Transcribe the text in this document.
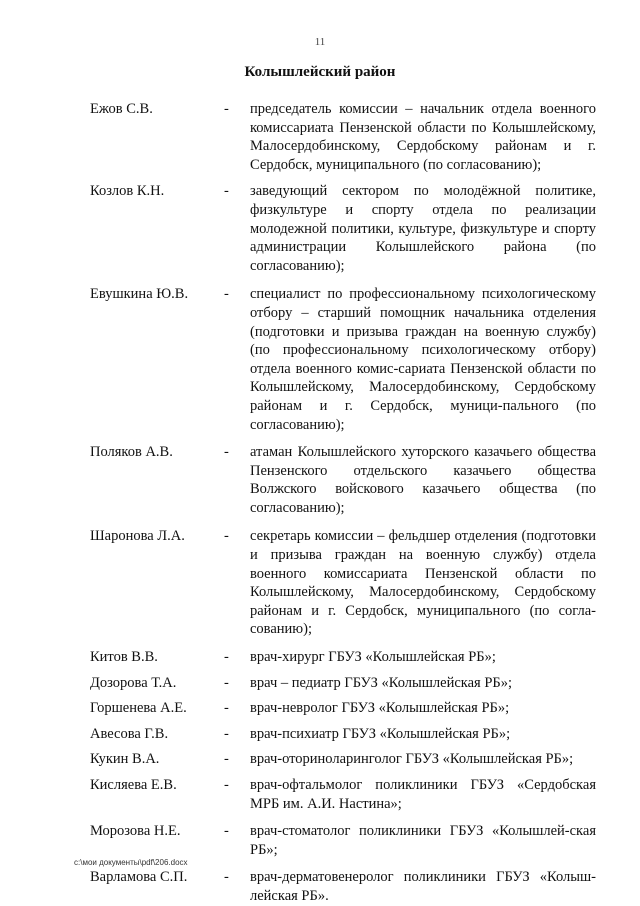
11
Колышлейский район
Ежов С.В.	-	председатель комиссии – начальник отдела военного комиссариата Пензенской области по Колышлейскому, Малосердобинскому, Сердобскому районам и г. Сердобск, муниципального (по согласованию);
Козлов К.Н.	-	заведующий сектором по молодёжной политике, физкультуре и спорту отдела по реализации молодежной политики, культуре, физкультуре и спорту администрации Колышлейского района (по согласованию);
Евушкина Ю.В.	-	специалист по профессиональному психологическому отбору – старший помощник начальника отделения (подготовки и призыва граждан на военную службу) (по профессиональному психологическому отбору) отдела военного комис-сариата Пензенской области по Колышлейскому, Малосердобинскому, Сердобскому районам и г. Сердобск, муници-пального (по согласованию);
Поляков А.В.	-	атаман Колышлейского хуторского казачьего общества Пензенского отдельского казачьего общества Волжского войскового казачьего общества (по согласованию);
Шаронова Л.А.	-	секретарь комиссии – фельдшер отделения (подготовки и призыва граждан на военную службу) отдела военного комиссариата Пензенской области по Колышлейскому, Малосердобинскому, Сердобскому районам и г. Сердобск, муниципального (по согла-сованию);
Китов В.В.	-	врач-хирург ГБУЗ «Колышлейская РБ»;
Дозорова Т.А.	-	врач – педиатр ГБУЗ «Колышлейская РБ»;
Горшенева А.Е.	-	врач-невролог ГБУЗ «Колышлейская РБ»;
Авесова Г.В.	-	врач-психиатр ГБУЗ «Колышлейская РБ»;
Кукин В.А.	-	врач-оториноларинголог ГБУЗ «Колышлейская РБ»;
Кисляева Е.В.	-	врач-офтальмолог поликлиники ГБУЗ «Сердобская МРБ им. А.И. Настина»;
Морозова Н.Е.	-	врач-стоматолог поликлиники ГБУЗ «Колышлей-ская РБ»;
Варламова С.П.	-	врач-дерматовенеролог поликлиники ГБУЗ «Колыш-лейская РБ».
c:\мои документы\pdf\206.docx
